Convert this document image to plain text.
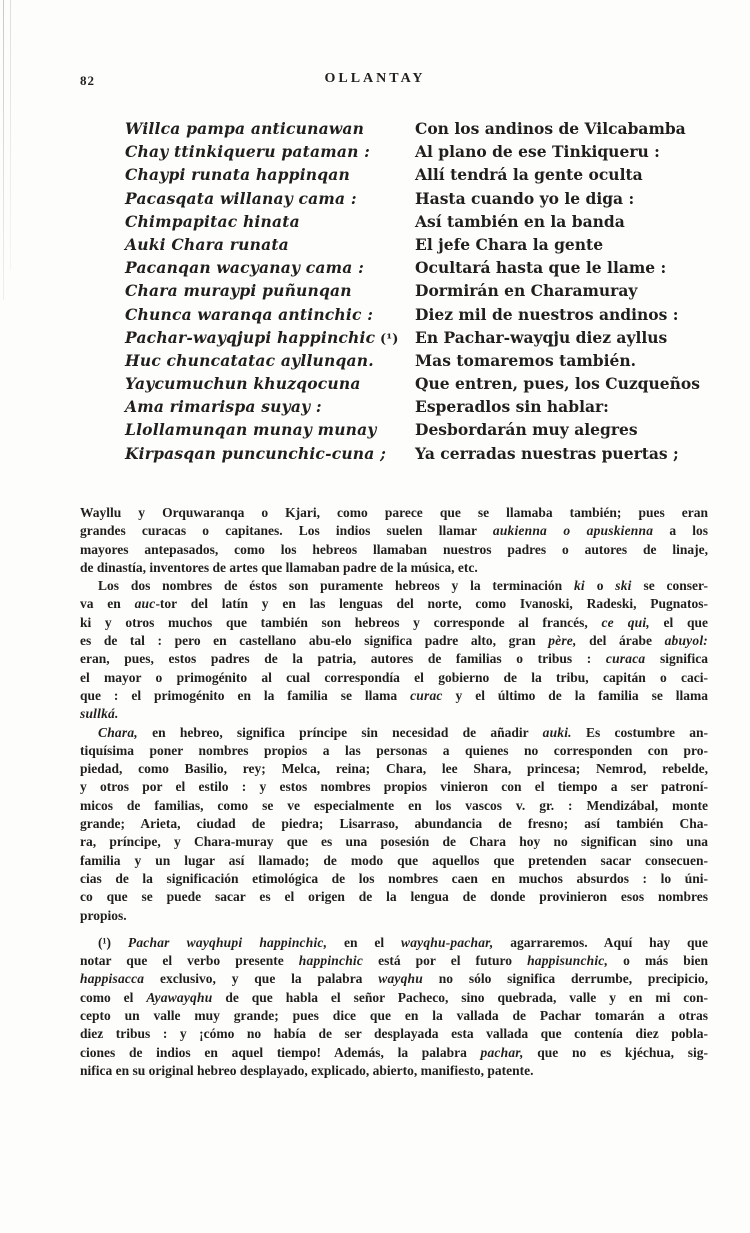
82	OLLANTAY
Willca pampa anticunawan	Con los andinos de Vilcabamba
Chay ttinkiqueru pataman :	Al plano de ese Tinkiqueru :
Chaypi runata happinqan	Allí tendrá la gente oculta
Pacasqata willanay cama :	Hasta cuando yo le diga :
Chimpapitac hinata	Así también en la banda
Auki Chara runata	El jefe Chara la gente
Pacanqan wacyanay cama :	Ocultará hasta que le llame :
Chara muraypi puñunqan	Dormirán en Charamuray
Chunca waranqa antinchic :	Diez mil de nuestros andinos :
Pachar-wayqjupi happinchic (¹)	En Pachar-wayqju diez ayllus
Huc chuncatatac ayllunqan.	Mas tomaremos también.
Yaycumuchun khuzqocuna	Que entren, pues, los Cuzqueños
Ama rimarispa suyay :	Esperadlos sin hablar:
Llollamunqan munay munay	Desbordarán muy alegres
Kirpasqan puncunchic-cuna ;	Ya cerradas nuestras puertas ;
Wayllu y Orquwaranqa o Kjari, como parece que se llamaba también; pues eran
grandes curacas o capitanes. Los indios suelen llamar aukienna o apuskienna a los
mayores antepasados, como los hebreos llamaban nuestros padres o autores de linaje,
de dinastía, inventores de artes que llamaban padre de la música, etc.
Los dos nombres de éstos son puramente hebreos y la terminación ki o ski se conser-
va en auc-tor del latín y en las lenguas del norte, como Ivanoski, Radeski, Pugnatos-
ki y otros muchos que también son hebreos y corresponde al francés, ce qui, el que
es de tal : pero en castellano abu-elo significa padre alto, gran père, del árabe abuyol:
eran, pues, estos padres de la patria, autores de familias o tribus : curaca significa
el mayor o primogénito al cual correspondía el gobierno de la tribu, capitán o caci-
que : el primogénito en la familia se llama curac y el último de la familia se llama
sullká.
Chara, en hebreo, significa príncipe sin necesidad de añadir auki. Es costumbre an-
tiquísima poner nombres propios a las personas a quienes no corresponden con pro-
piedad, como Basilio, rey; Melca, reina; Chara, lee Shara, princesa; Nemrod, rebelde,
y otros por el estilo : y estos nombres propios vinieron con el tiempo a ser patroní-
micos de familias, como se ve especialmente en los vascos v. gr. : Mendizábal, monte
grande; Arieta, ciudad de piedra; Lisarraso, abundancia de fresno; así también Cha-
ra, príncipe, y Chara-muray que es una posesión de Chara hoy no significan sino una
familia y un lugar así llamado; de modo que aquellos que pretenden sacar consecuen-
cias de la significación etimológica de los nombres caen en muchos absurdos : lo úni-
co que se puede sacar es el origen de la lengua de donde provinieron esos nombres
propios.
(¹) Pachar wayqhupi happinchic, en el wayqhu-pachar, agarraremos. Aquí hay que
notar que el verbo presente happinchic está por el futuro happisunchic, o más bien
happisacca exclusivo, y que la palabra wayqhu no sólo significa derrumbe, precipicio,
como el Ayawayqhu de que habla el señor Pacheco, sino quebrada, valle y en mi con-
cepto un valle muy grande; pues dice que en la vallada de Pachar tomarán a otras
diez tribus : y ¡cómo no había de ser desplayada esta vallada que contenía diez pobla-
ciones de indios en aquel tiempo! Además, la palabra pachar, que no es kjéchua, sig-
nifica en su original hebreo desplayado, explicado, abierto, manifiesto, patente.
